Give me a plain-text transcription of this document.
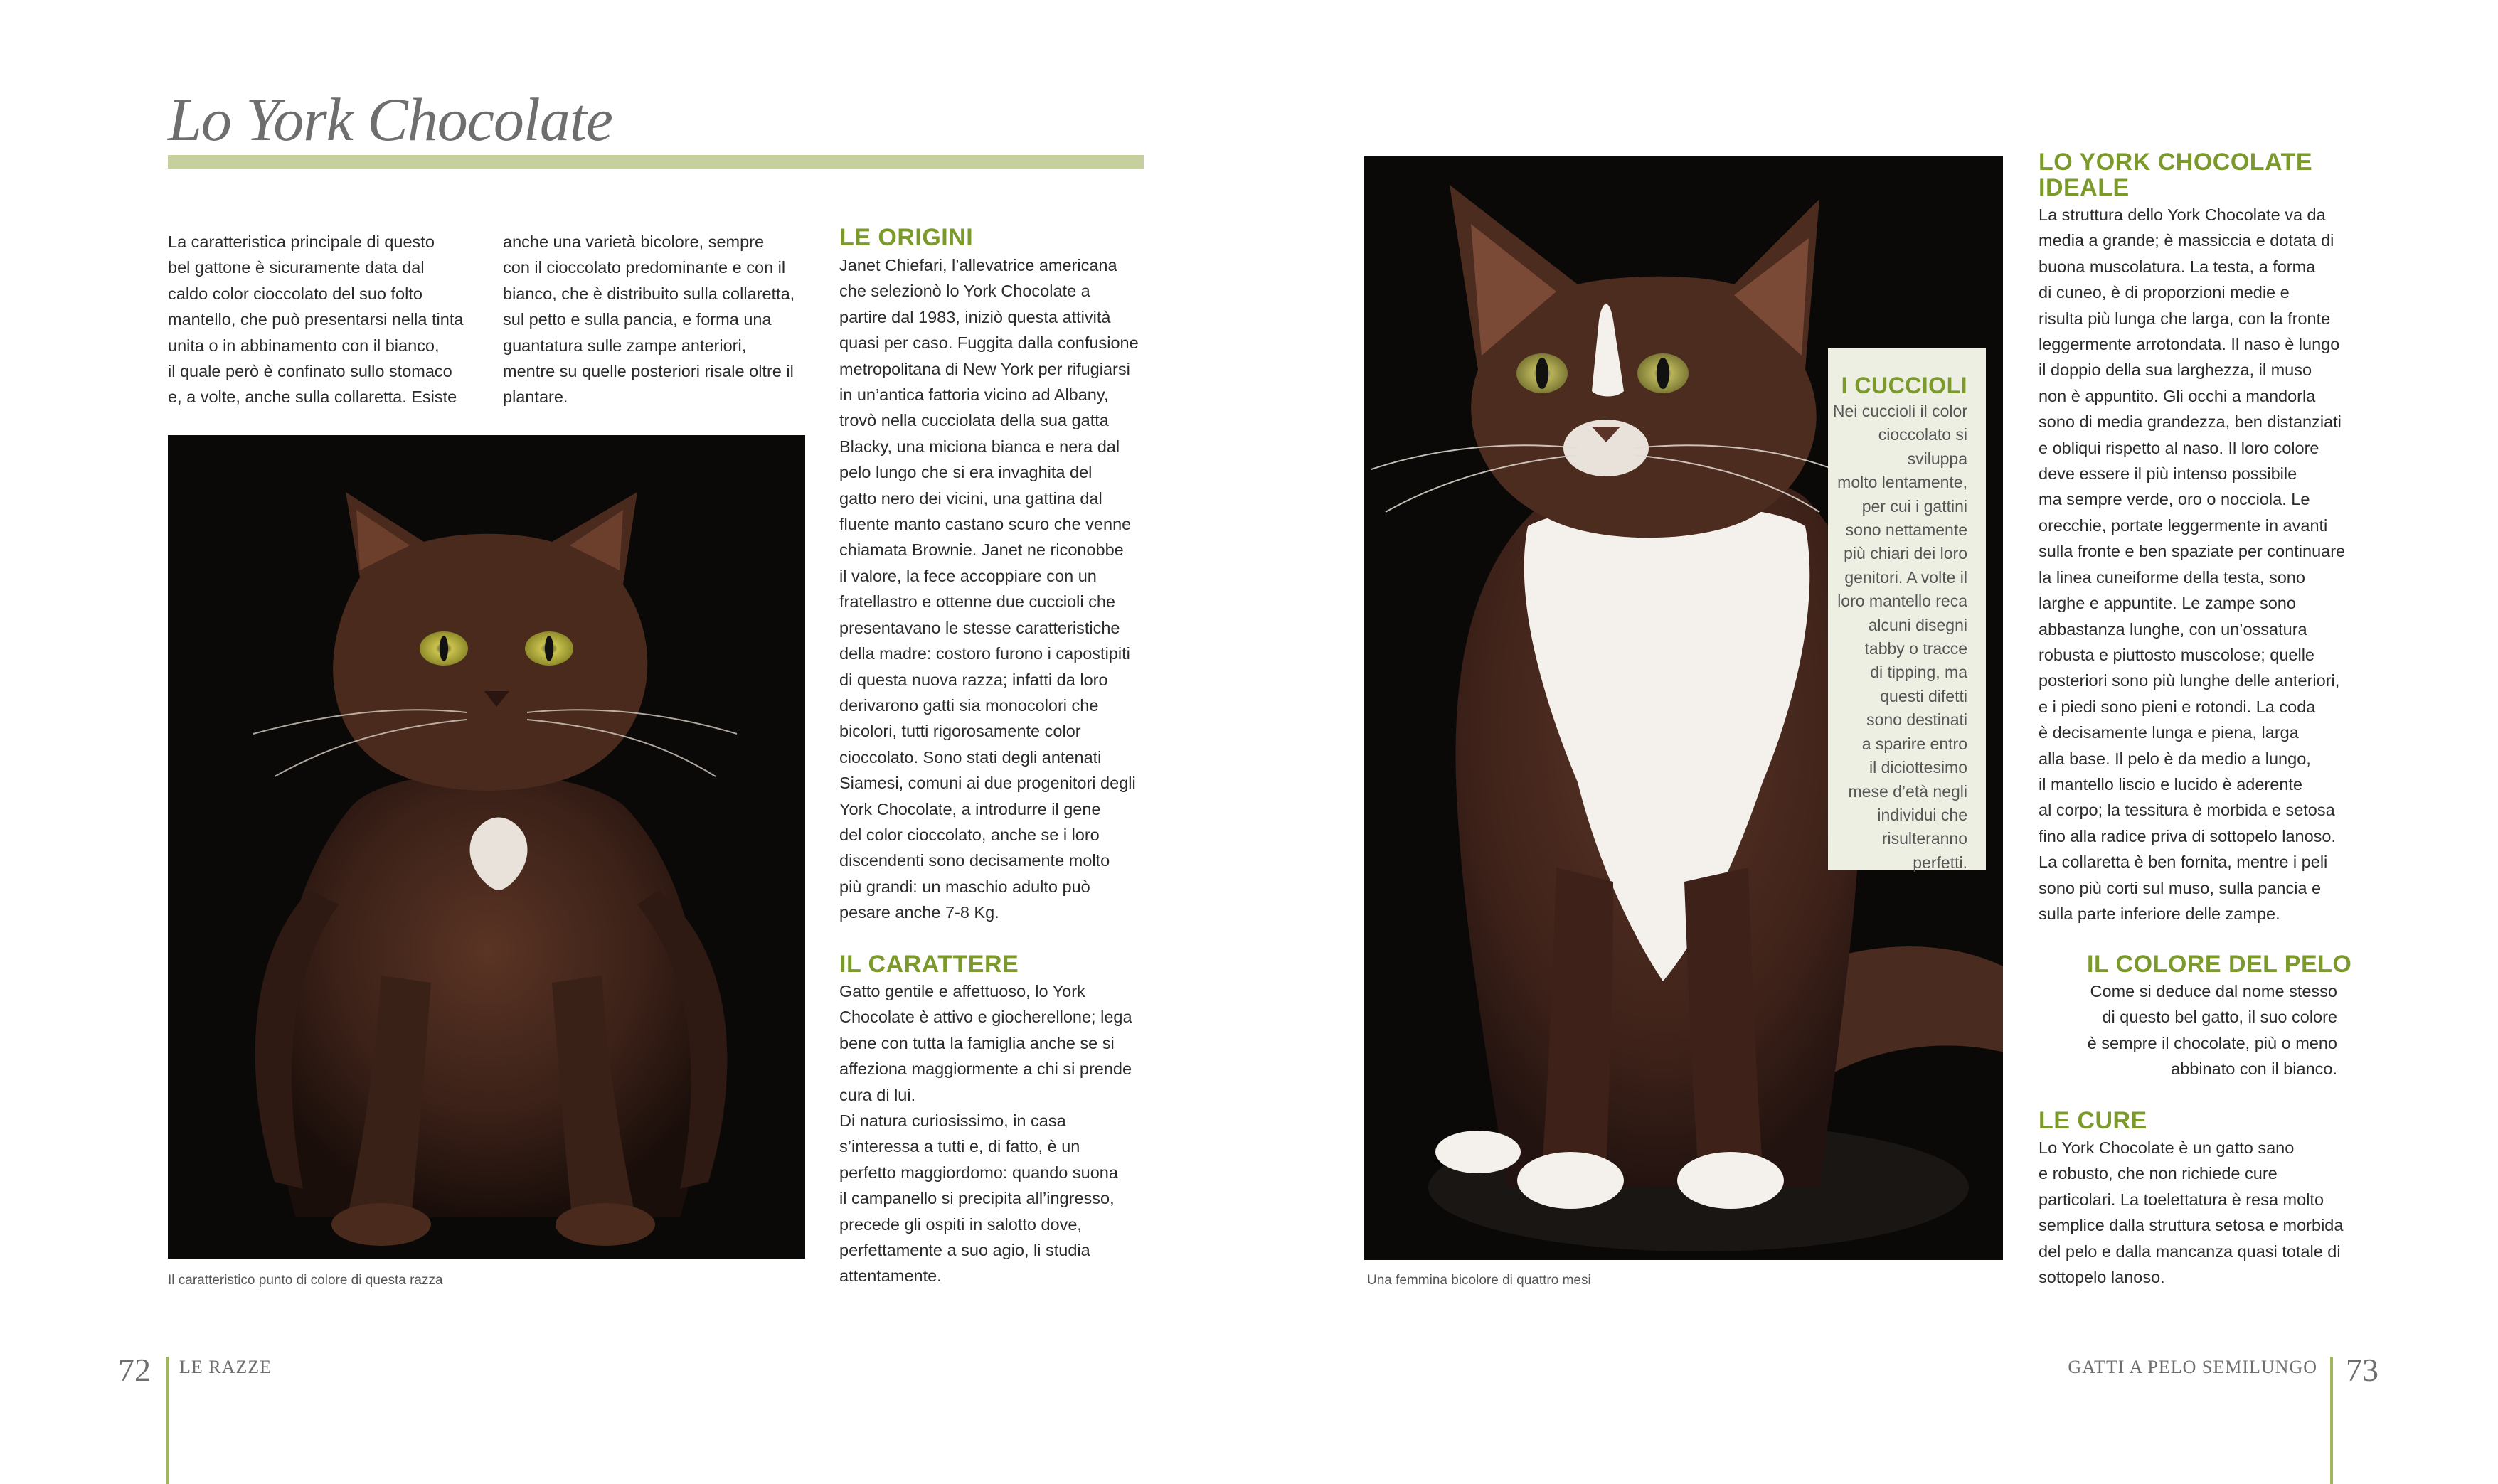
Lo York Chocolate
La caratteristica principale di questo
bel gattone è sicuramente data dal
caldo color cioccolato del suo folto
mantello, che può presentarsi nella tinta
unita o in abbinamento con il bianco,
il quale però è confinato sullo stomaco
e, a volte, anche sulla collaretta. Esiste
anche una varietà bicolore, sempre
con il cioccolato predominante e con il
bianco, che è distribuito sulla collaretta,
sul petto e sulla pancia, e forma una
guantatura sulle zampe anteriori,
mentre su quelle posteriori risale oltre il
plantare.
Il caratteristico punto di colore di questa razza
LE ORIGINI
Janet Chiefari, l’allevatrice americana
che selezionò lo York Chocolate a
partire dal 1983, iniziò questa attività
quasi per caso. Fuggita dalla confusione
metropolitana di New York per rifugiarsi
in un’antica fattoria vicino ad Albany,
trovò nella cucciolata della sua gatta
Blacky, una miciona bianca e nera dal
pelo lungo che si era invaghita del
gatto nero dei vicini, una gattina dal
fluente manto castano scuro che venne
chiamata Brownie. Janet ne riconobbe
il valore, la fece accoppiare con un
fratellastro e ottenne due cuccioli che
presentavano le stesse caratteristiche
della madre: costoro furono i capostipiti
di questa nuova razza; infatti da loro
derivarono gatti sia monocolori che
bicolori, tutti rigorosamente color
cioccolato. Sono stati degli antenati
Siamesi, comuni ai due progenitori degli
York Chocolate, a introdurre il gene
del color cioccolato, anche se i loro
discendenti sono decisamente molto
più grandi: un maschio adulto può
pesare anche 7-8 Kg.
IL CARATTERE
Gatto gentile e affettuoso, lo York
Chocolate è attivo e giocherellone; lega
bene con tutta la famiglia anche se si
affeziona maggiormente a chi si prende
cura di lui.
Di natura curiosissimo, in casa
s’interessa a tutti e, di fatto, è un
perfetto maggiordomo: quando suona
il campanello si precipita all’ingresso,
precede gli ospiti in salotto dove,
perfettamente a suo agio, li studia
attentamente.
72 LE RAZZE
Una femmina bicolore di quattro mesi
I CUCCIOLI
Nei cuccioli il color
cioccolato si sviluppa
molto lentamente,
per cui i gattini
sono nettamente
più chiari dei loro
genitori. A volte il
loro mantello reca
alcuni disegni
tabby o tracce
di tipping, ma
questi difetti
sono destinati
a sparire entro
il diciottesimo
mese d’età negli
individui che
risulteranno
perfetti.
LO YORK CHOCOLATE
IDEALE
La struttura dello York Chocolate va da
media a grande; è massiccia e dotata di
buona muscolatura. La testa, a forma
di cuneo, è di proporzioni medie e
risulta più lunga che larga, con la fronte
leggermente arrotondata. Il naso è lungo
il doppio della sua larghezza, il muso
non è appuntito. Gli occhi a mandorla
sono di media grandezza, ben distanziati
e obliqui rispetto al naso. Il loro colore
deve essere il più intenso possibile
ma sempre verde, oro o nocciola. Le
orecchie, portate leggermente in avanti
sulla fronte e ben spaziate per continuare
la linea cuneiforme della testa, sono
larghe e appuntite. Le zampe sono
abbastanza lunghe, con un’ossatura
robusta e piuttosto muscolose; quelle
posteriori sono più lunghe delle anteriori,
e i piedi sono pieni e rotondi. La coda
è decisamente lunga e piena, larga
alla base. Il pelo è da medio a lungo,
il mantello liscio e lucido è aderente
al corpo; la tessitura è morbida e setosa
fino alla radice priva di sottopelo lanoso.
La collaretta è ben fornita, mentre i peli
sono più corti sul muso, sulla pancia e
sulla parte inferiore delle zampe.
IL COLORE DEL PELO
Come si deduce dal nome stesso
di questo bel gatto, il suo colore
è sempre il chocolate, più o meno
abbinato con il bianco.
LE CURE
Lo York Chocolate è un gatto sano
e robusto, che non richiede cure
particolari. La toelettatura è resa molto
semplice dalla struttura setosa e morbida
del pelo e dalla mancanza quasi totale di
sottopelo lanoso.
GATTI A PELO SEMILUNGO 73
